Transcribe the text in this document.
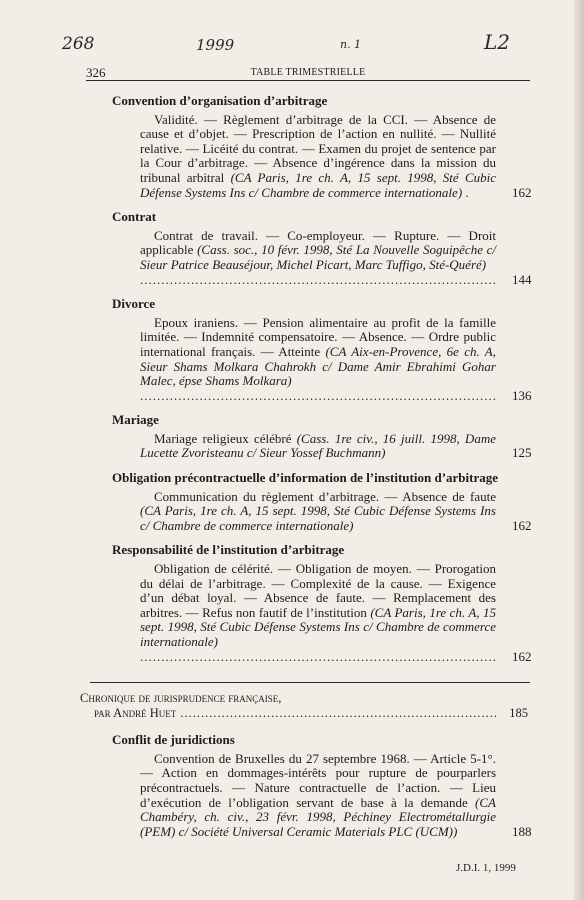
268	1999	n. 1	L2
326	TABLE TRIMESTRIELLE
Convention d’organisation d’arbitrage
Validité. — Règlement d’arbitrage de la CCI. — Absence de cause et d’objet. — Prescription de l’action en nullité. — Nullité relative. — Licéité du contrat. — Examen du projet de sentence par la Cour d’arbitrage. — Absence d’ingérence dans la mission du tribunal arbitral (CA Paris, 1re ch. A, 15 sept. 1998, Sté Cubic Défense Systems Ins c/ Chambre de commerce internationale) .	162
Contrat
Contrat de travail. — Co-employeur. — Rupture. — Droit applicable (Cass. soc., 10 févr. 1998, Sté La Nouvelle Soguipêche c/ Sieur Patrice Beauséjour, Michel Picart, Marc Tuffigo, Sté-Quéré)
.....
144
Divorce
Epoux iraniens. — Pension alimentaire au profit de la famille limitée. — Indemnité compensatoire. — Absence. — Ordre public international français. — Atteinte (CA Aix-en-Provence, 6e ch. A, Sieur Shams Molkara Chahrokh c/ Dame Amir Ebrahimi Gohar Malec, épse Shams Molkara)
.....
136
Mariage
Mariage religieux célébré (Cass. 1re civ., 16 juill. 1998, Dame Lucette Zvoristeanu c/ Sieur Yossef Buchmann)	125
Obligation précontractuelle d’information de l’institution d’arbitrage
Communication du règlement d’arbitrage. — Absence de faute (CA Paris, 1re ch. A, 15 sept. 1998, Sté Cubic Défense Systems Ins c/ Chambre de commerce internationale)	162
Responsabilité de l’institution d’arbitrage
Obligation de célérité. — Obligation de moyen. — Prorogation du délai de l’arbitrage. — Complexité de la cause. — Exigence d’un débat loyal. — Absence de faute. — Remplacement des arbitres. — Refus non fautif de l’institution (CA Paris, 1re ch. A, 15 sept. 1998, Sté Cubic Défense Systems Ins c/ Chambre de commerce internationale)
.....
162
Chronique de jurisprudence française,
par André Huet .....	185
Conflit de juridictions
Convention de Bruxelles du 27 septembre 1968. — Article 5-1°. — Action en dommages-intérêts pour rupture de pourparlers précontractuels. — Nature contractuelle de l’action. — Lieu d’exécution de l’obligation servant de base à la demande (CA Chambéry, ch. civ., 23 févr. 1998, Péchiney Electrométallurgie (PEM) c/ Société Universal Ceramic Materials PLC (UCM))	188
J.D.I. 1, 1999
